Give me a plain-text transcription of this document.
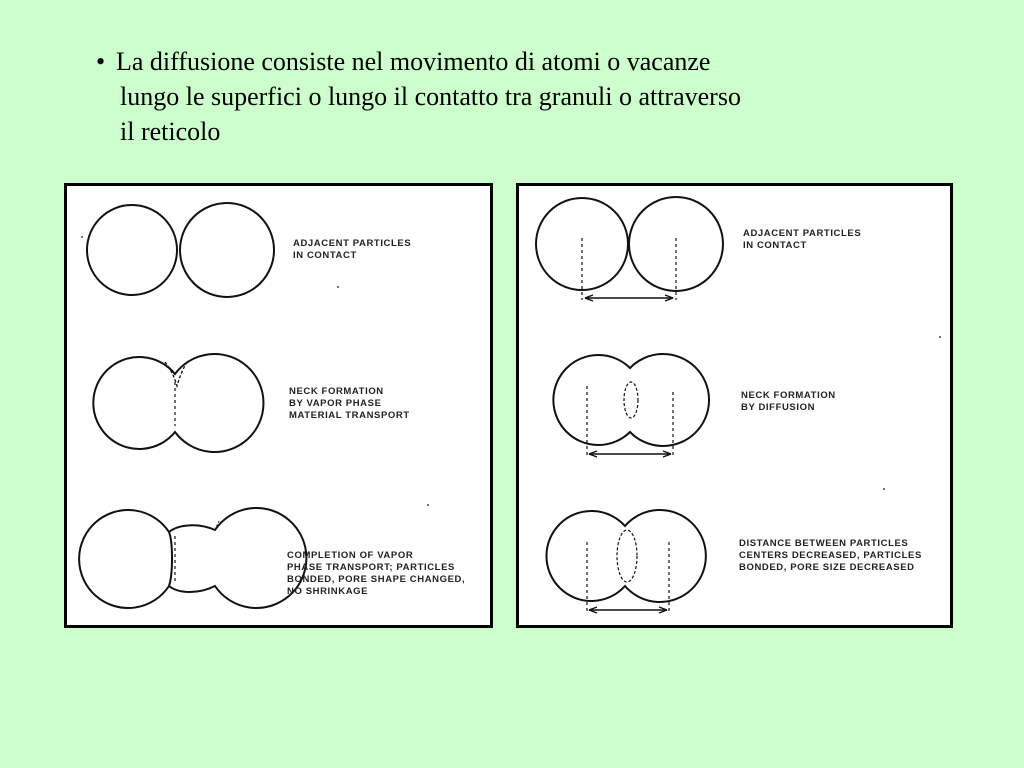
• La diffusione consiste nel movimento di atomi o vacanze
lungo le superfici o lungo il contatto tra granuli o attraverso
il reticolo
ADJACENT PARTICLES
IN CONTACT
NECK FORMATION
BY VAPOR PHASE
MATERIAL TRANSPORT
COMPLETION OF VAPOR
PHASE TRANSPORT; PARTICLES
BONDED, PORE SHAPE CHANGED,
NO SHRINKAGE
ADJACENT PARTICLES
IN CONTACT
NECK FORMATION
BY DIFFUSION
DISTANCE BETWEEN PARTICLES
CENTERS DECREASED, PARTICLES
BONDED, PORE SIZE DECREASED
